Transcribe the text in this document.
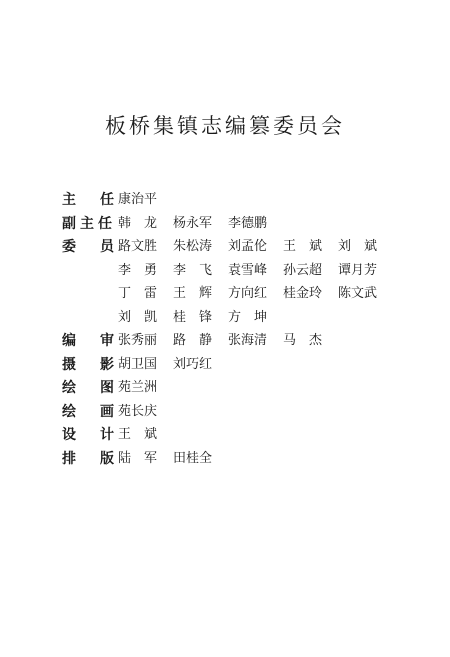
板桥集镇志编篡委员会
主 任 康治平
副 主 任 韩　龙 杨永军 李德鹏
委 员 路文胜 朱松涛 刘孟伦 王　斌 刘　斌
李　勇 李　飞 袁雪峰 孙云超 谭月芳
丁　雷 王　辉 方向红 桂金玲 陈文武
刘　凯 桂　锋 方　坤
编 审 张秀丽 路　静 张海清 马　杰
摄 影 胡卫国 刘巧红
绘 图 苑兰洲
绘 画 苑长庆
设 计 王　斌
排 版 陆　军 田桂全
